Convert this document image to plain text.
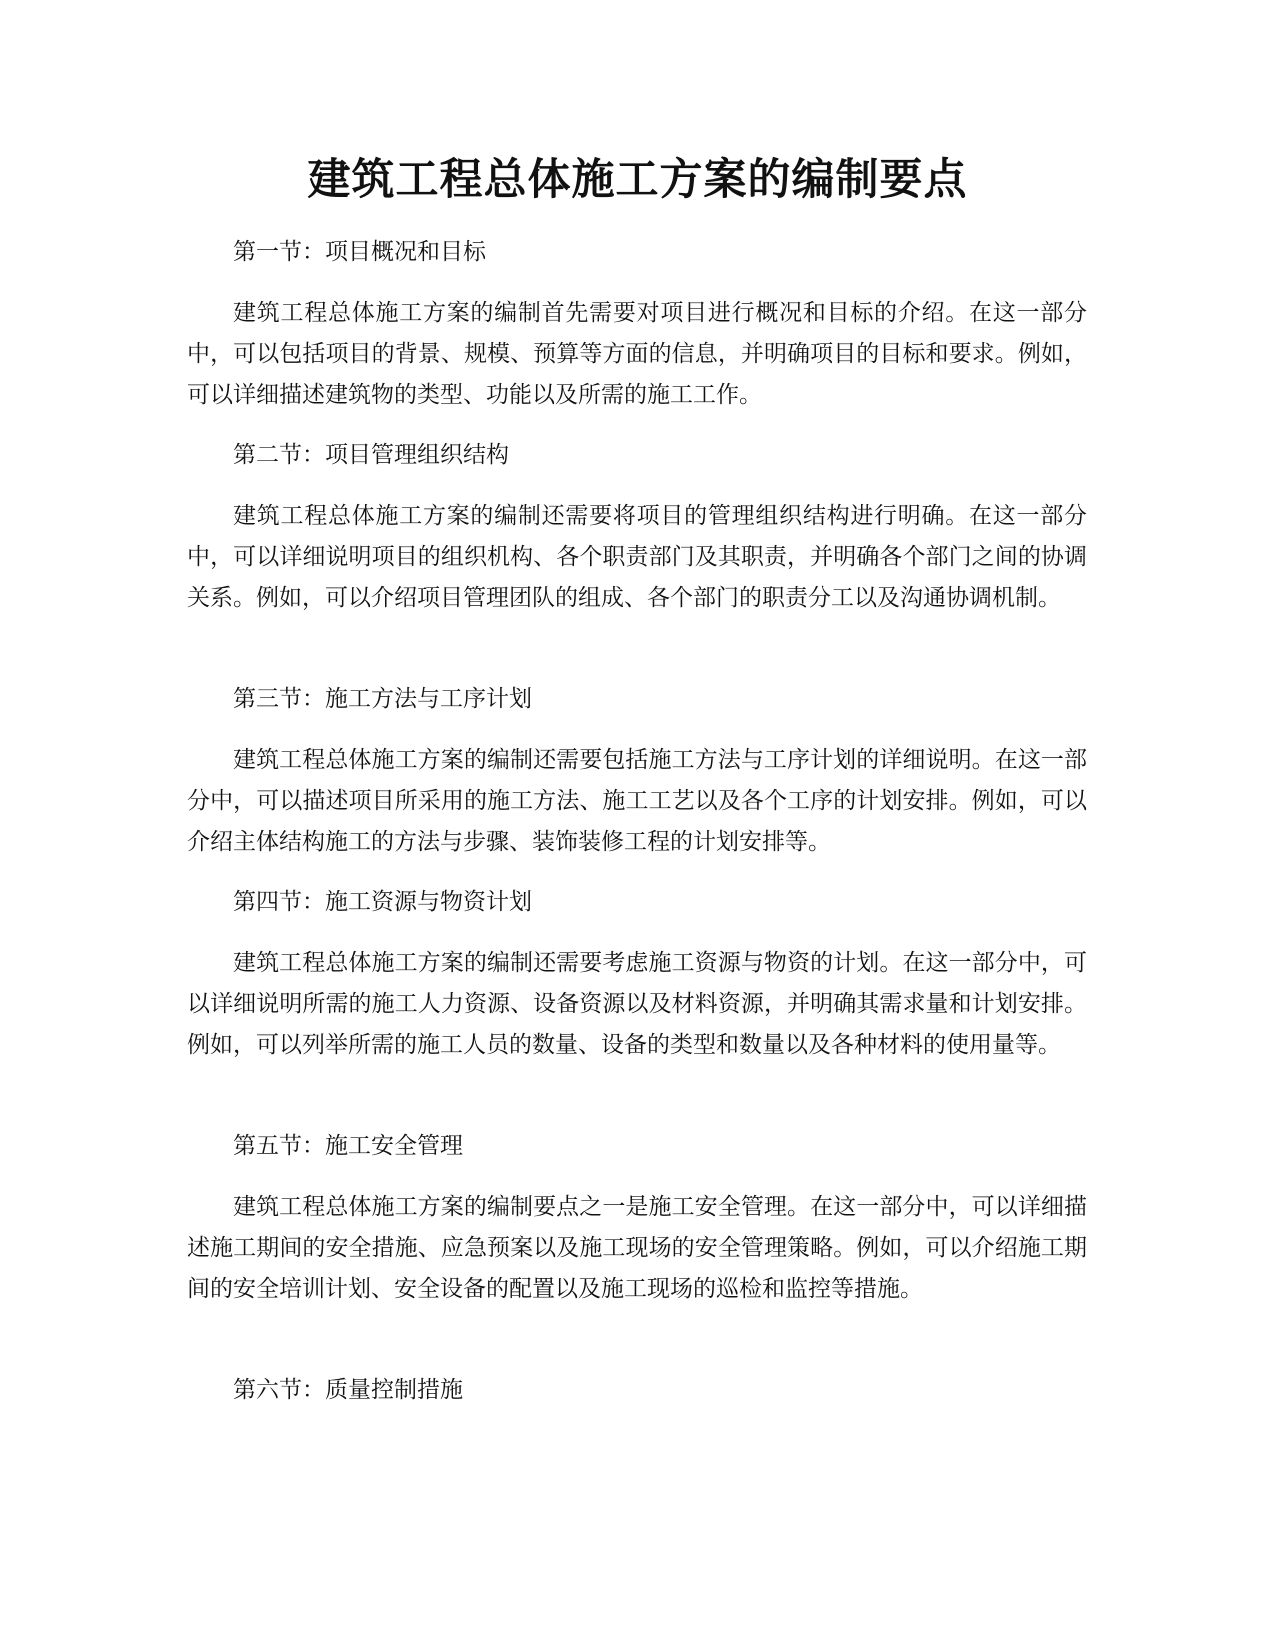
建筑工程总体施工方案的编制要点

第一节：项目概况和目标

建筑工程总体施工方案的编制首先需要对项目进行概况和目标的介绍。在这一部分中，可以包括项目的背景、规模、预算等方面的信息，并明确项目的目标和要求。例如，可以详细描述建筑物的类型、功能以及所需的施工工作。

第二节：项目管理组织结构

建筑工程总体施工方案的编制还需要将项目的管理组织结构进行明确。在这一部分中，可以详细说明项目的组织机构、各个职责部门及其职责，并明确各个部门之间的协调关系。例如，可以介绍项目管理团队的组成、各个部门的职责分工以及沟通协调机制。

第三节：施工方法与工序计划

建筑工程总体施工方案的编制还需要包括施工方法与工序计划的详细说明。在这一部分中，可以描述项目所采用的施工方法、施工工艺以及各个工序的计划安排。例如，可以介绍主体结构施工的方法与步骤、装饰装修工程的计划安排等。

第四节：施工资源与物资计划

建筑工程总体施工方案的编制还需要考虑施工资源与物资的计划。在这一部分中，可以详细说明所需的施工人力资源、设备资源以及材料资源，并明确其需求量和计划安排。例如，可以列举所需的施工人员的数量、设备的类型和数量以及各种材料的使用量等。

第五节：施工安全管理

建筑工程总体施工方案的编制要点之一是施工安全管理。在这一部分中，可以详细描述施工期间的安全措施、应急预案以及施工现场的安全管理策略。例如，可以介绍施工期间的安全培训计划、安全设备的配置以及施工现场的巡检和监控等措施。

第六节：质量控制措施
